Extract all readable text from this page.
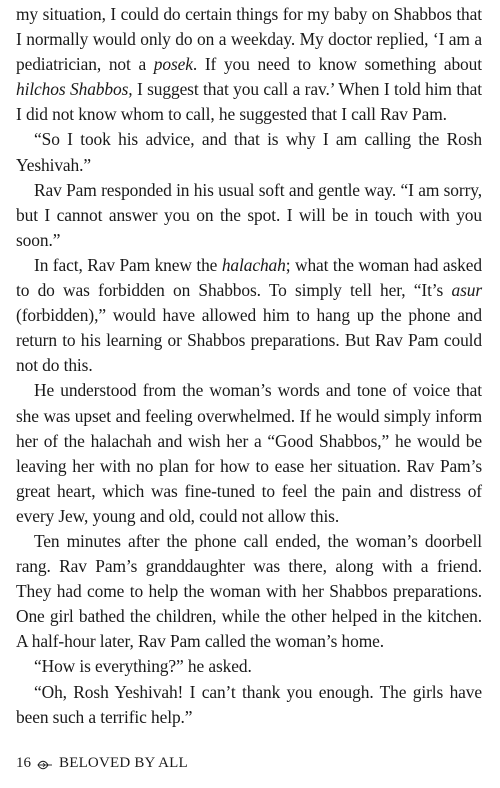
my situation, I could do certain things for my baby on Shabbos that I normally would only do on a weekday. My doctor replied, ‘I am a pediatrician, not a posek. If you need to know something about hilchos Shabbos, I suggest that you call a rav.’ When I told him that I did not know whom to call, he suggested that I call Rav Pam.

“So I took his advice, and that is why I am calling the Rosh Yeshivah.”

Rav Pam responded in his usual soft and gentle way. “I am sorry, but I cannot answer you on the spot. I will be in touch with you soon.”

In fact, Rav Pam knew the halachah; what the woman had asked to do was forbidden on Shabbos. To simply tell her, “It’s asur (forbidden),” would have allowed him to hang up the phone and return to his learning or Shabbos preparations. But Rav Pam could not do this.

He understood from the woman’s words and tone of voice that she was upset and feeling overwhelmed. If he would simply inform her of the halachah and wish her a “Good Shabbos,” he would be leaving her with no plan for how to ease her situation. Rav Pam’s great heart, which was fine-tuned to feel the pain and distress of every Jew, young and old, could not allow this.

Ten minutes after the phone call ended, the woman’s doorbell rang. Rav Pam’s granddaughter was there, along with a friend. They had come to help the woman with her Shabbos preparations. One girl bathed the children, while the other helped in the kitchen. A half-hour later, Rav Pam called the woman’s home.

“How is everything?” he asked.

“Oh, Rosh Yeshivah! I can’t thank you enough. The girls have been such a terrific help.”

16 BELOVED BY ALL
